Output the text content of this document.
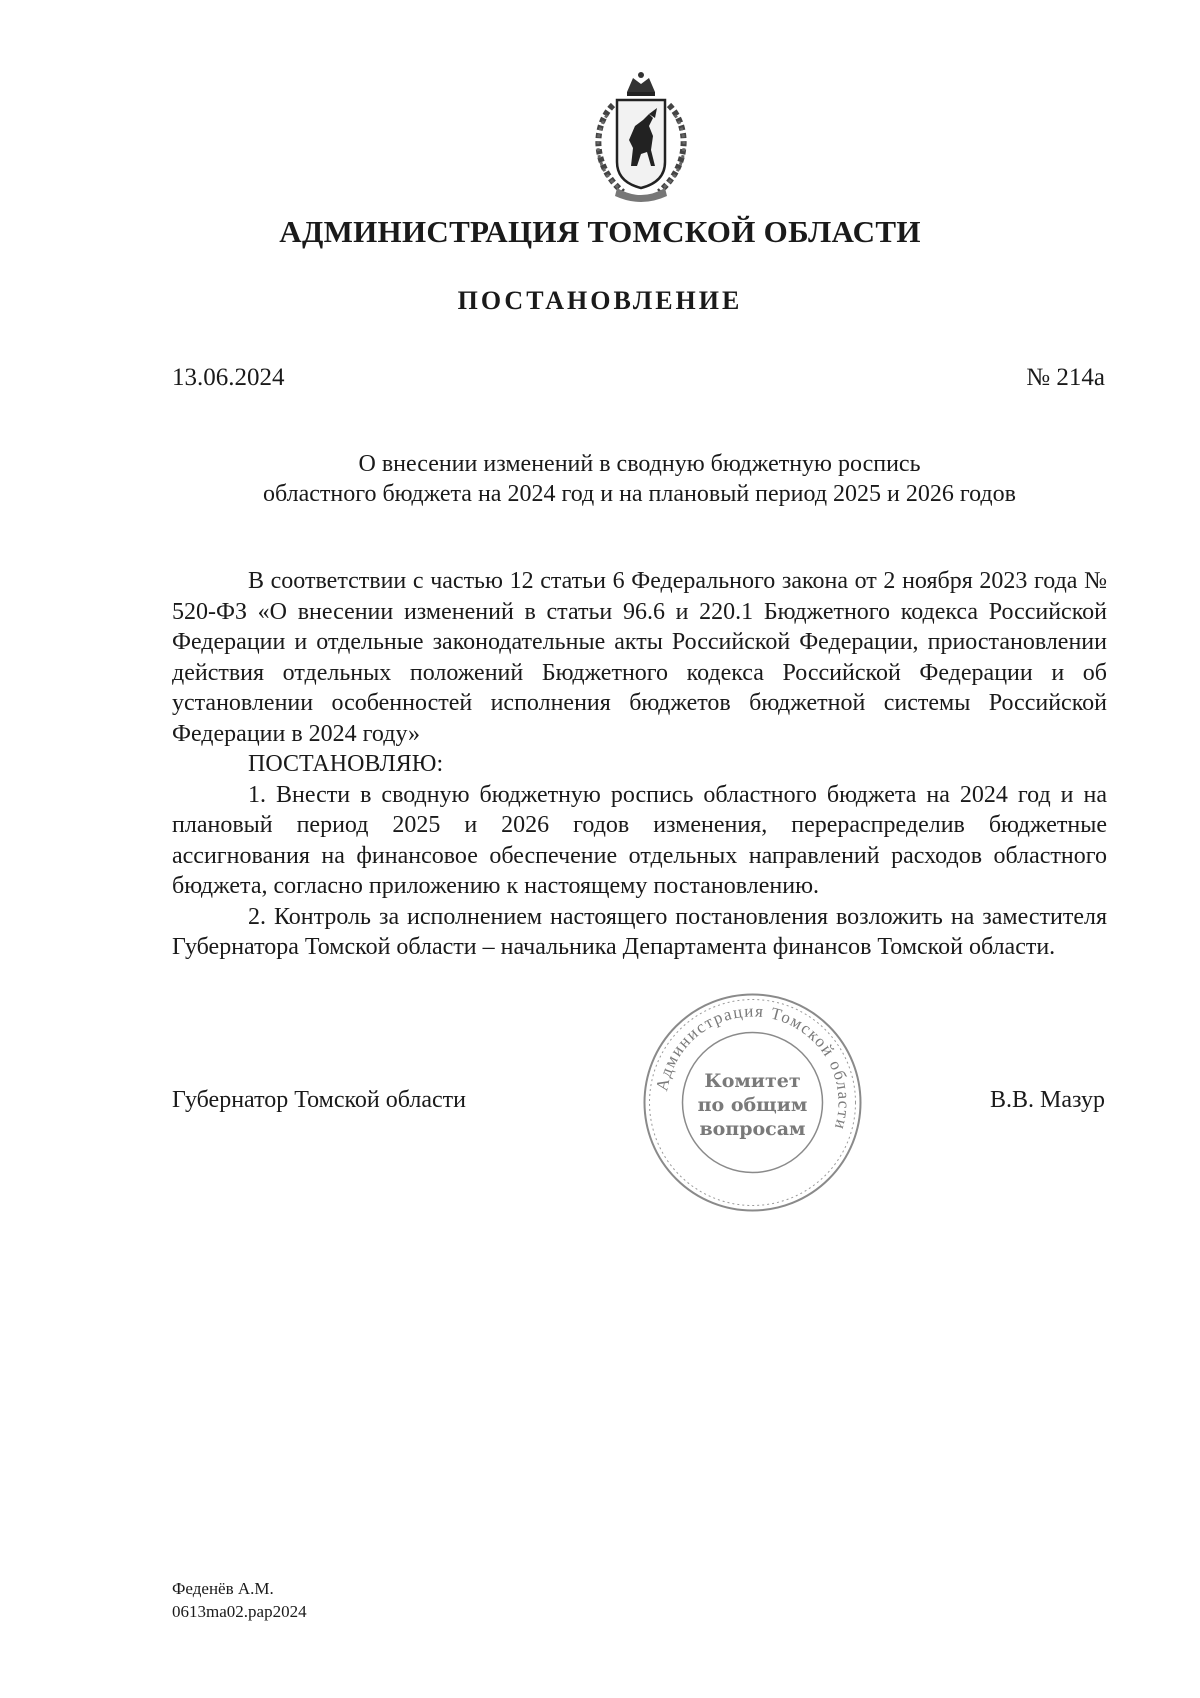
АДМИНИСТРАЦИЯ ТОМСКОЙ ОБЛАСТИ
ПОСТАНОВЛЕНИЕ
13.06.2024	№ 214а
О внесении изменений в сводную бюджетную роспись
областного бюджета на 2024 год и на плановый период 2025 и 2026 годов

В соответствии с частью 12 статьи 6 Федерального закона от 2 ноября 2023 года № 520-ФЗ «О внесении изменений в статьи 96.6 и 220.1 Бюджетного кодекса Российской Федерации и отдельные законодательные акты Российской Федерации, приостановлении действия отдельных положений Бюджетного кодекса Российской Федерации и об установлении особенностей исполнения бюджетов бюджетной системы Российской Федерации в 2024 году»

ПОСТАНОВЛЯЮ:

1. Внести в сводную бюджетную роспись областного бюджета на 2024 год и на плановый период 2025 и 2026 годов изменения, перераспределив бюджетные ассигнования на финансовое обеспечение отдельных направлений расходов областного бюджета, согласно приложению к настоящему постановлению.

2. Контроль за исполнением настоящего постановления возложить на заместителя Губернатора Томской области – начальника Департамента финансов Томской области.

Губернатор Томской области	В.В. Мазур
Администрация Томской области
Комитет
по общим
вопросам
Феденёв А.М.
0613ma02.pap2024
